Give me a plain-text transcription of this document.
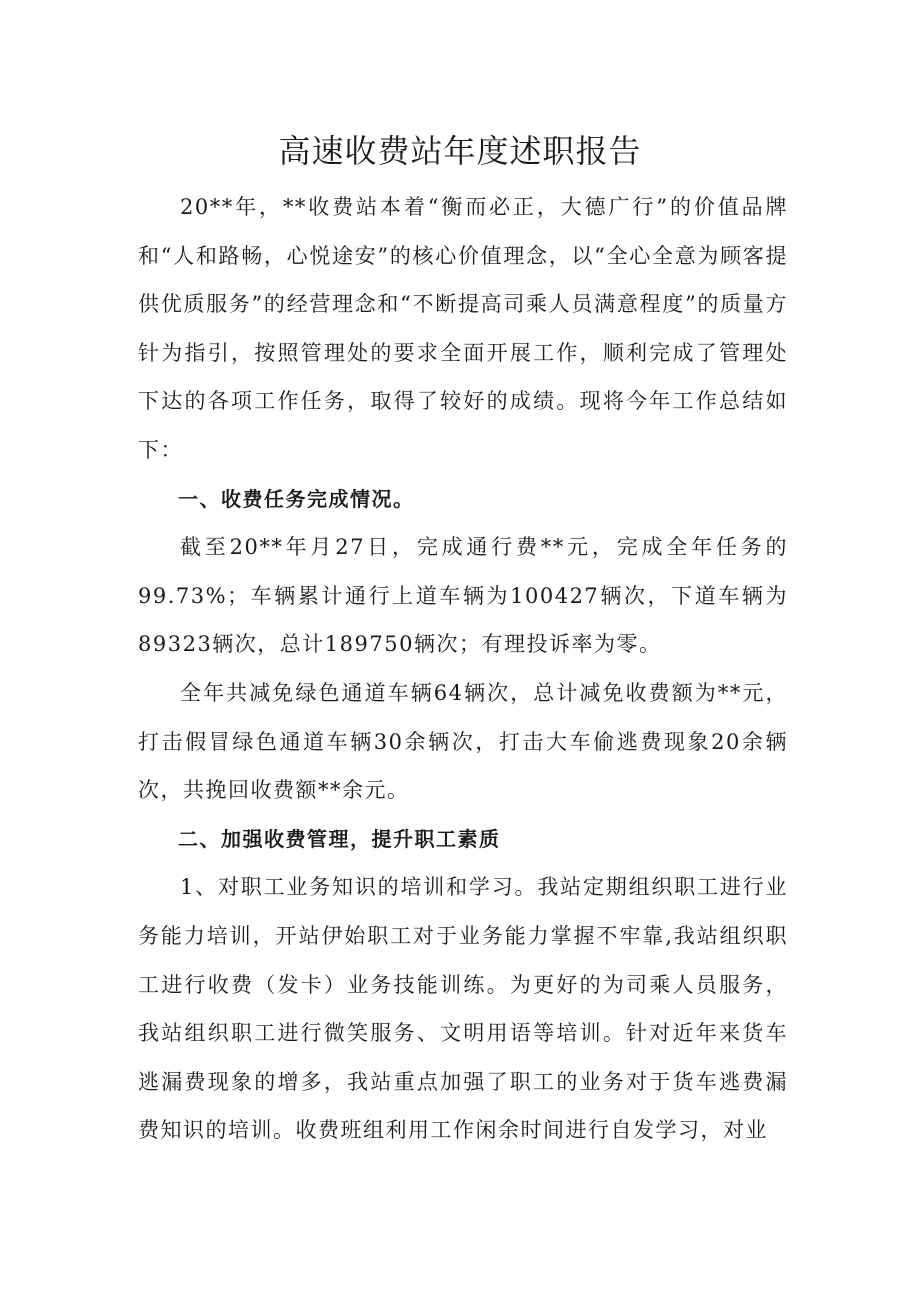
高速收费站年度述职报告

20**年，**收费站本着“衡而必正，大德广行”的价值品牌和“人和路畅，心悦途安”的核心价值理念，以“全心全意为顾客提供优质服务”的经营理念和“不断提高司乘人员满意程度”的质量方针为指引，按照管理处的要求全面开展工作，顺利完成了管理处下达的各项工作任务，取得了较好的成绩。现将今年工作总结如下：

一、收费任务完成情况。

截至20**年月27日，完成通行费**元，完成全年任务的99.73%；车辆累计通行上道车辆为100427辆次，下道车辆为89323辆次，总计189750辆次；有理投诉率为零。

全年共减免绿色通道车辆64辆次，总计减免收费额为**元，打击假冒绿色通道车辆30余辆次，打击大车偷逃费现象20余辆次，共挽回收费额**余元。

二、加强收费管理，提升职工素质

1、对职工业务知识的培训和学习。我站定期组织职工进行业务能力培训，开站伊始职工对于业务能力掌握不牢靠,我站组织职工进行收费（发卡）业务技能训练。为更好的为司乘人员服务，我站组织职工进行微笑服务、文明用语等培训。针对近年来货车逃漏费现象的增多，我站重点加强了职工的业务对于货车逃费漏费知识的培训。收费班组利用工作闲余时间进行自发学习，对业
